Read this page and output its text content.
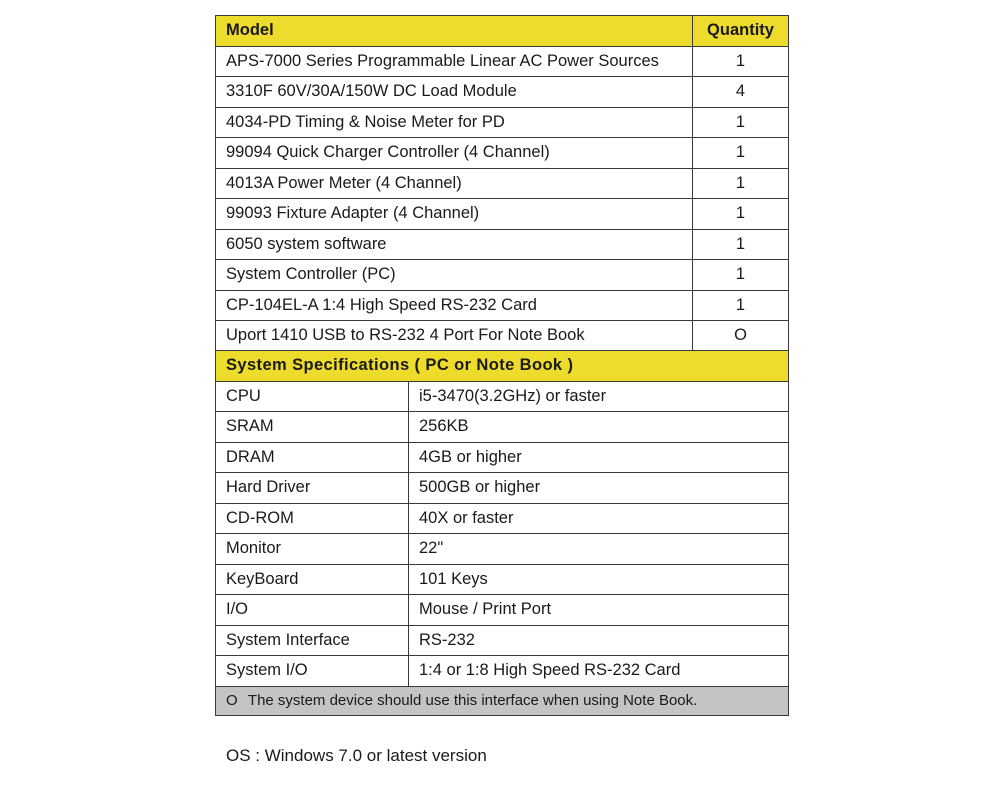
Model	Quantity
APS-7000 Series Programmable Linear AC Power Sources	1
3310F 60V/30A/150W DC Load Module	4
4034-PD Timing & Noise Meter for PD	1
99094 Quick Charger Controller (4 Channel)	1
4013A Power Meter (4 Channel)	1
99093 Fixture Adapter (4 Channel)	1
6050 system software	1
System Controller (PC)	1
CP-104EL-A 1:4 High Speed RS-232 Card	1
Uport 1410 USB to RS-232 4 Port For Note Book	O
System Specifications ( PC or Note Book )	
CPU	i5-3470(3.2GHz) or faster
SRAM	256KB
DRAM	4GB or higher
Hard Driver	500GB or higher
CD-ROM	40X or faster
Monitor	22"
KeyBoard	101 Keys
I/O	Mouse / Print Port
System Interface	RS-232
System I/O	1:4 or 1:8 High Speed RS-232 Card
O The system device should use this interface when using Note Book.	
OS : Windows 7.0 or latest version
